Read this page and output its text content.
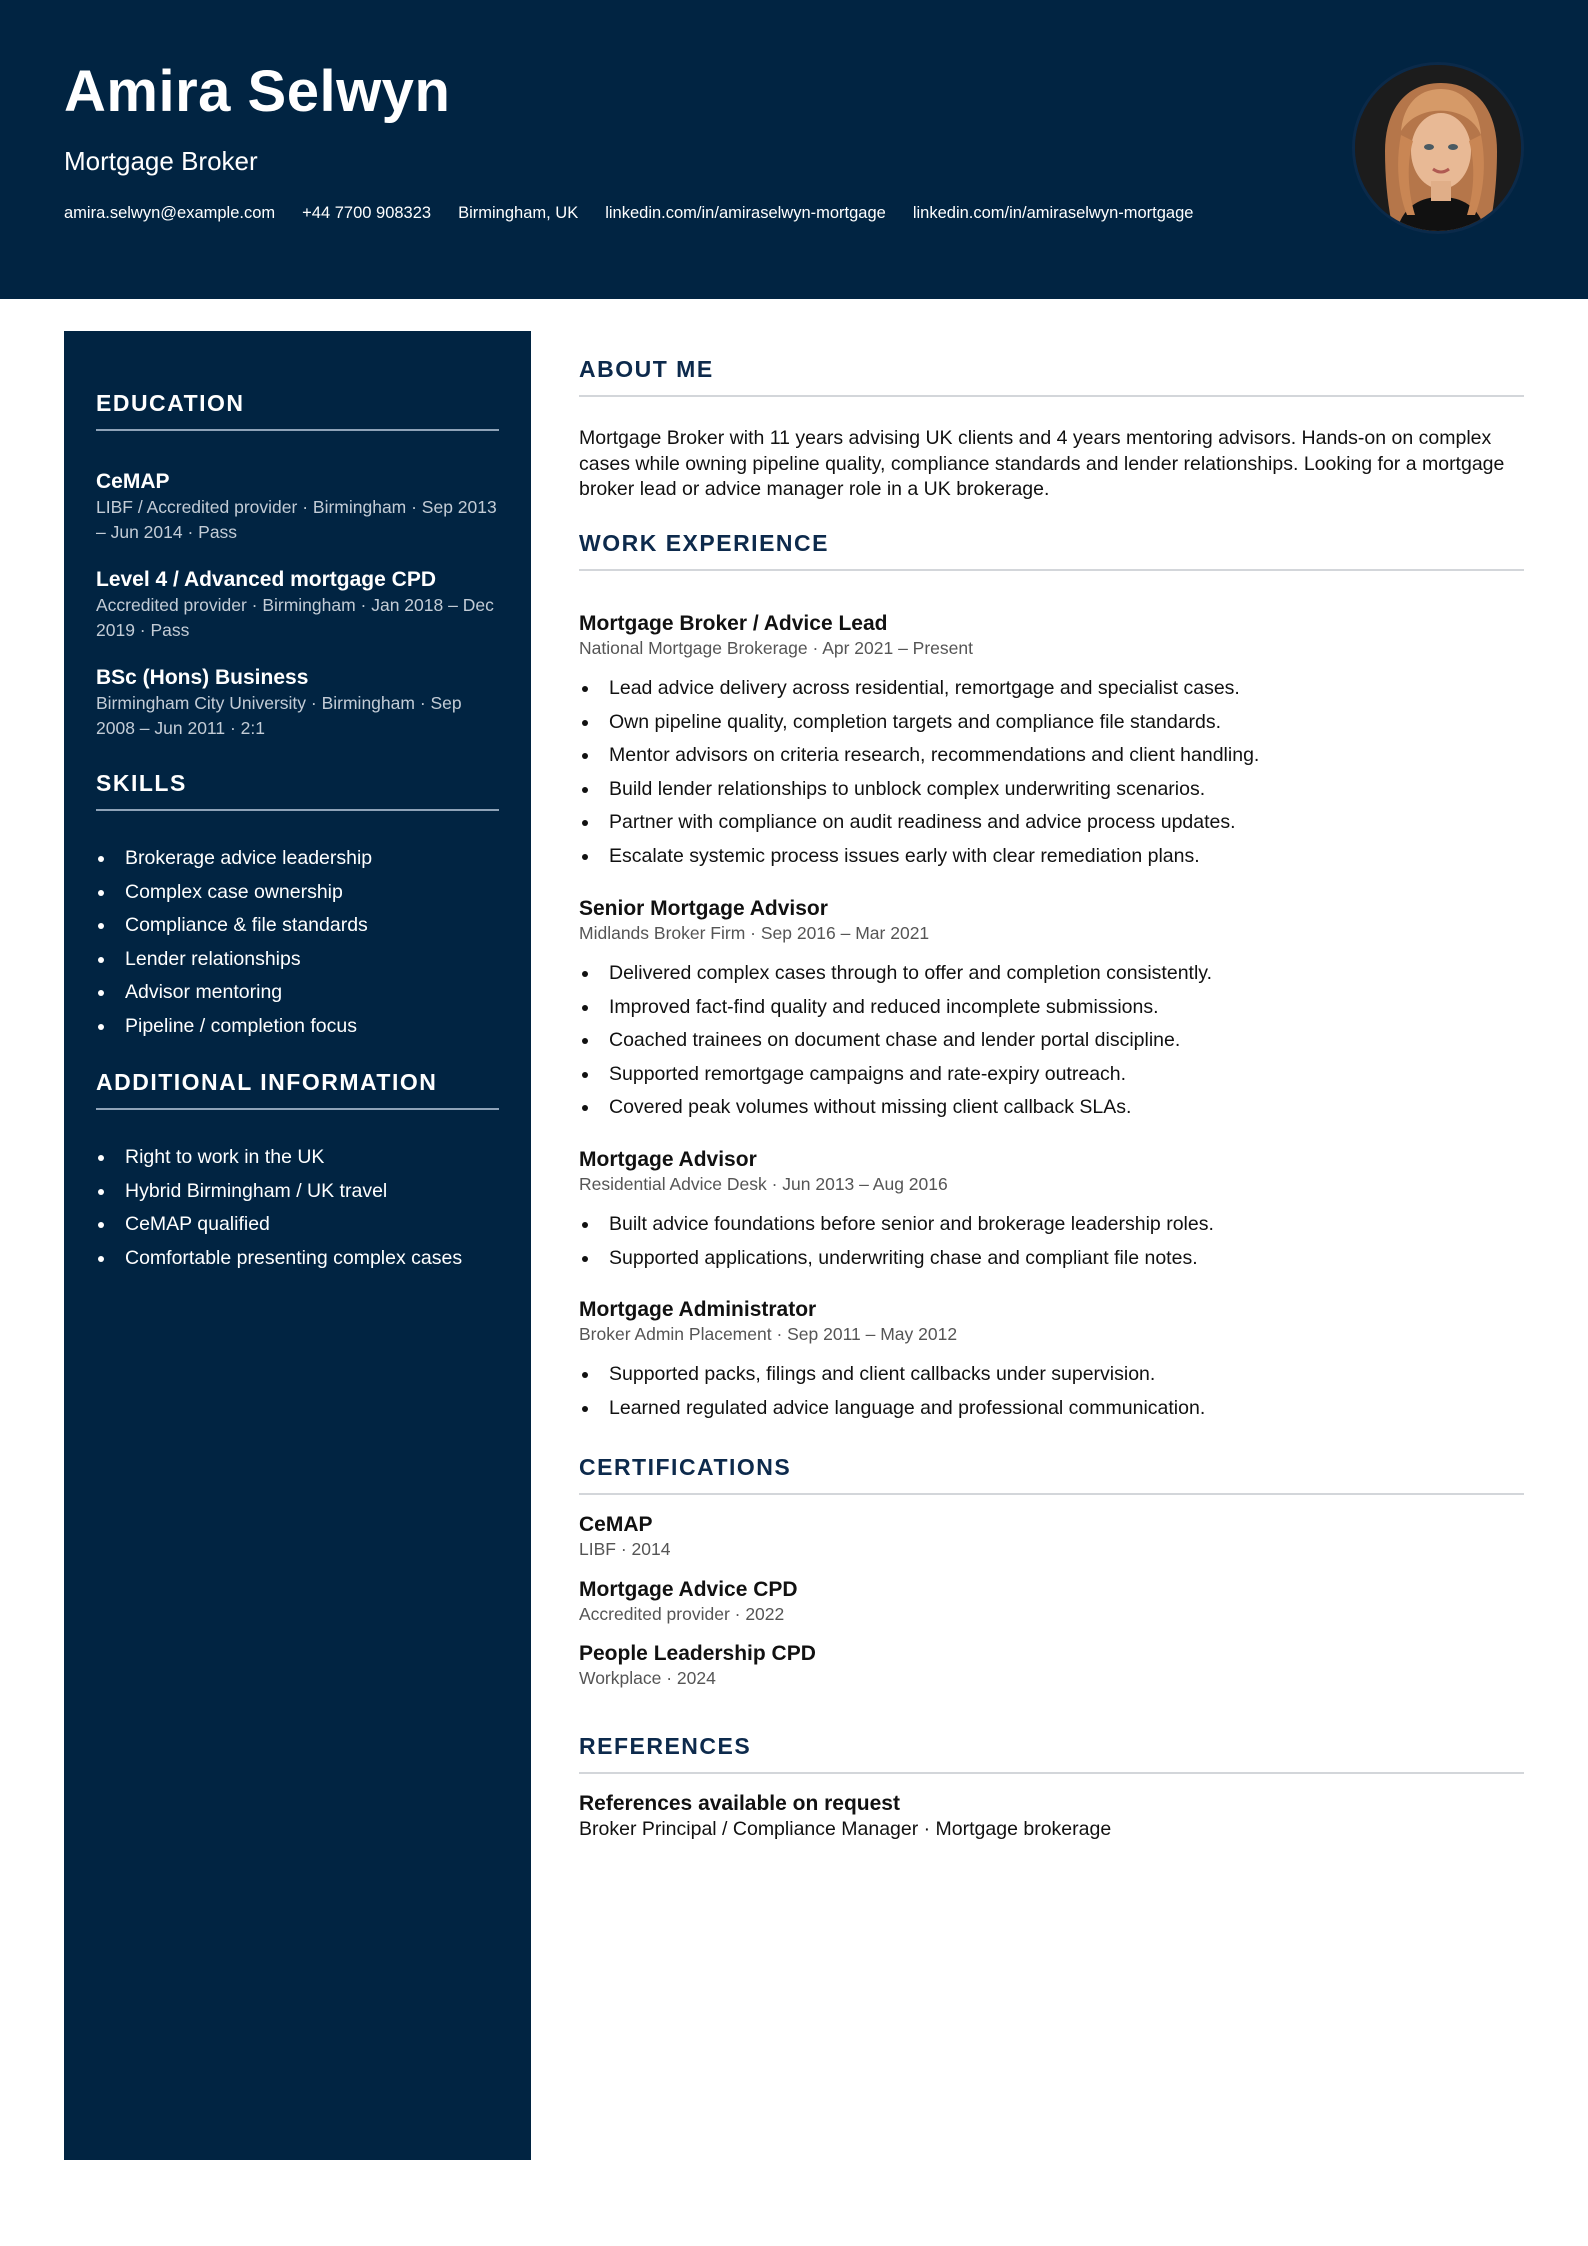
Amira Selwyn
Mortgage Broker
amira.selwyn@example.com +44 7700 908323 Birmingham, UK linkedin.com/in/amiraselwyn-mortgage linkedin.com/in/amiraselwyn-mortgage
EDUCATION
CeMAP
LIBF / Accredited provider · Birmingham · Sep 2013 – Jun 2014 · Pass
Level 4 / Advanced mortgage CPD
Accredited provider · Birmingham · Jan 2018 – Dec 2019 · Pass
BSc (Hons) Business
Birmingham City University · Birmingham · Sep 2008 – Jun 2011 · 2:1
SKILLS
Brokerage advice leadership
Complex case ownership
Compliance & file standards
Lender relationships
Advisor mentoring
Pipeline / completion focus
ADDITIONAL INFORMATION
Right to work in the UK
Hybrid Birmingham / UK travel
CeMAP qualified
Comfortable presenting complex cases
ABOUT ME
Mortgage Broker with 11 years advising UK clients and 4 years mentoring advisors. Hands-on on complex cases while owning pipeline quality, compliance standards and lender relationships. Looking for a mortgage broker lead or advice manager role in a UK brokerage.
WORK EXPERIENCE
Mortgage Broker / Advice Lead
National Mortgage Brokerage · Apr 2021 – Present
Lead advice delivery across residential, remortgage and specialist cases.
Own pipeline quality, completion targets and compliance file standards.
Mentor advisors on criteria research, recommendations and client handling.
Build lender relationships to unblock complex underwriting scenarios.
Partner with compliance on audit readiness and advice process updates.
Escalate systemic process issues early with clear remediation plans.
Senior Mortgage Advisor
Midlands Broker Firm · Sep 2016 – Mar 2021
Delivered complex cases through to offer and completion consistently.
Improved fact-find quality and reduced incomplete submissions.
Coached trainees on document chase and lender portal discipline.
Supported remortgage campaigns and rate-expiry outreach.
Covered peak volumes without missing client callback SLAs.
Mortgage Advisor
Residential Advice Desk · Jun 2013 – Aug 2016
Built advice foundations before senior and brokerage leadership roles.
Supported applications, underwriting chase and compliant file notes.
Mortgage Administrator
Broker Admin Placement · Sep 2011 – May 2012
Supported packs, filings and client callbacks under supervision.
Learned regulated advice language and professional communication.
CERTIFICATIONS
CeMAP
LIBF · 2014
Mortgage Advice CPD
Accredited provider · 2022
People Leadership CPD
Workplace · 2024
REFERENCES
References available on request
Broker Principal / Compliance Manager · Mortgage brokerage
